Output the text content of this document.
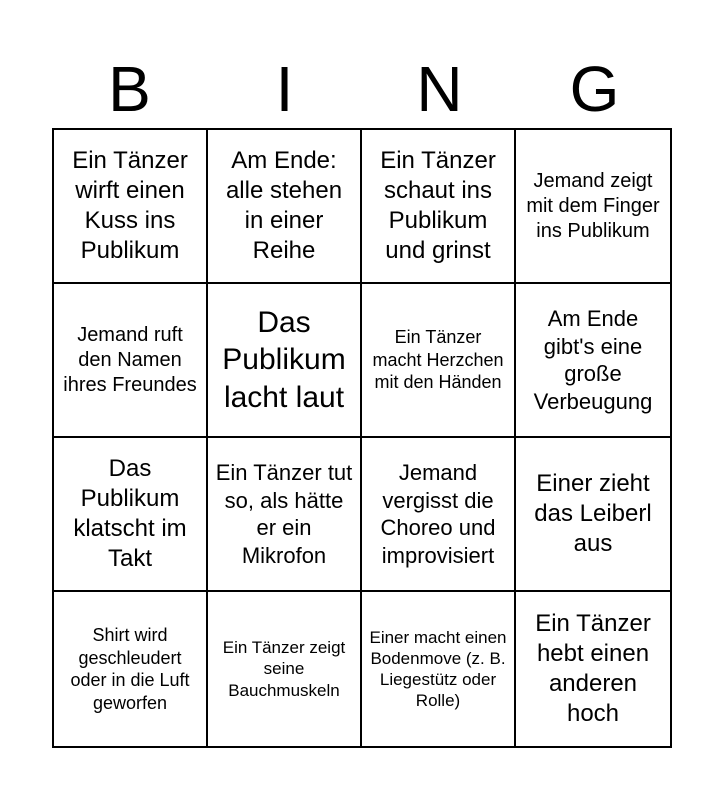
B	I	N	G
Ein Tänzer wirft einen Kuss ins Publikum
Am Ende: alle stehen in einer Reihe
Ein Tänzer schaut ins Publikum und grinst
Jemand zeigt mit dem Finger ins Publikum
Jemand ruft den Namen ihres Freundes
Das Publikum lacht laut
Ein Tänzer macht Herzchen mit den Händen
Am Ende gibt's eine große Verbeugung
Das Publikum klatscht im Takt
Ein Tänzer tut so, als hätte er ein Mikrofon
Jemand vergisst die Choreo und improvisiert
Einer zieht das Leiberl aus
Shirt wird geschleudert oder in die Luft geworfen
Ein Tänzer zeigt seine Bauchmuskeln
Einer macht einen Bodenmove (z. B. Liegestütz oder Rolle)
Ein Tänzer hebt einen anderen hoch
